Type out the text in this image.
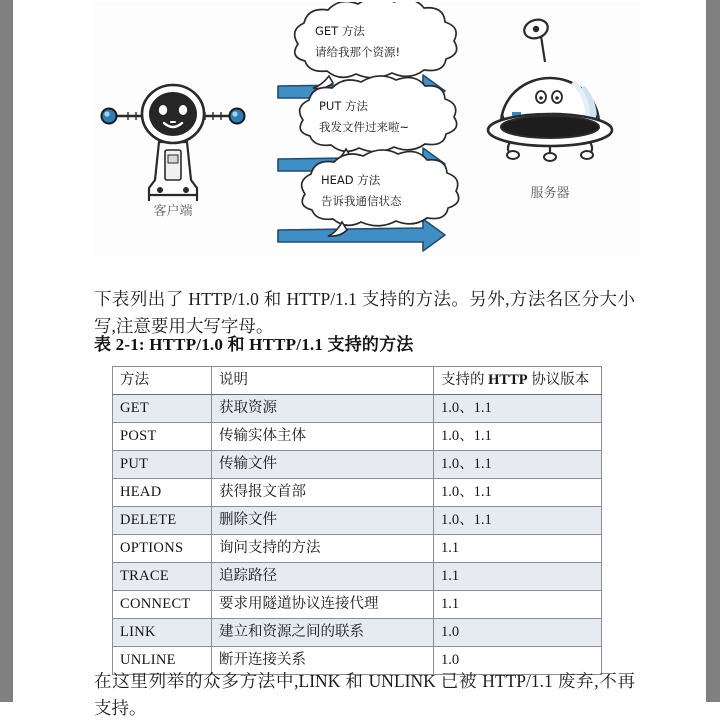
客户端
服务器
GET 方法
请给我那个资源!
PUT 方法
我发文件过来啦~
HEAD 方法
告诉我通信状态

下表列出了 HTTP/1.0 和 HTTP/1.1 支持的方法。另外,方法名区分大小写,注意要用大写字母。

表 2-1: HTTP/1.0 和 HTTP/1.1 支持的方法
方法	说明	支持的 HTTP 协议版本
GET	获取资源	1.0、1.1
POST	传输实体主体	1.0、1.1
PUT	传输文件	1.0、1.1
HEAD	获得报文首部	1.0、1.1
DELETE	删除文件	1.0、1.1
OPTIONS	询问支持的方法	1.1
TRACE	追踪路径	1.1
CONNECT	要求用隧道协议连接代理	1.1
LINK	建立和资源之间的联系	1.0
UNLINE	断开连接关系	1.0

在这里列举的众多方法中,LINK 和 UNLINK 已被 HTTP/1.1 废弃,不再支持。
